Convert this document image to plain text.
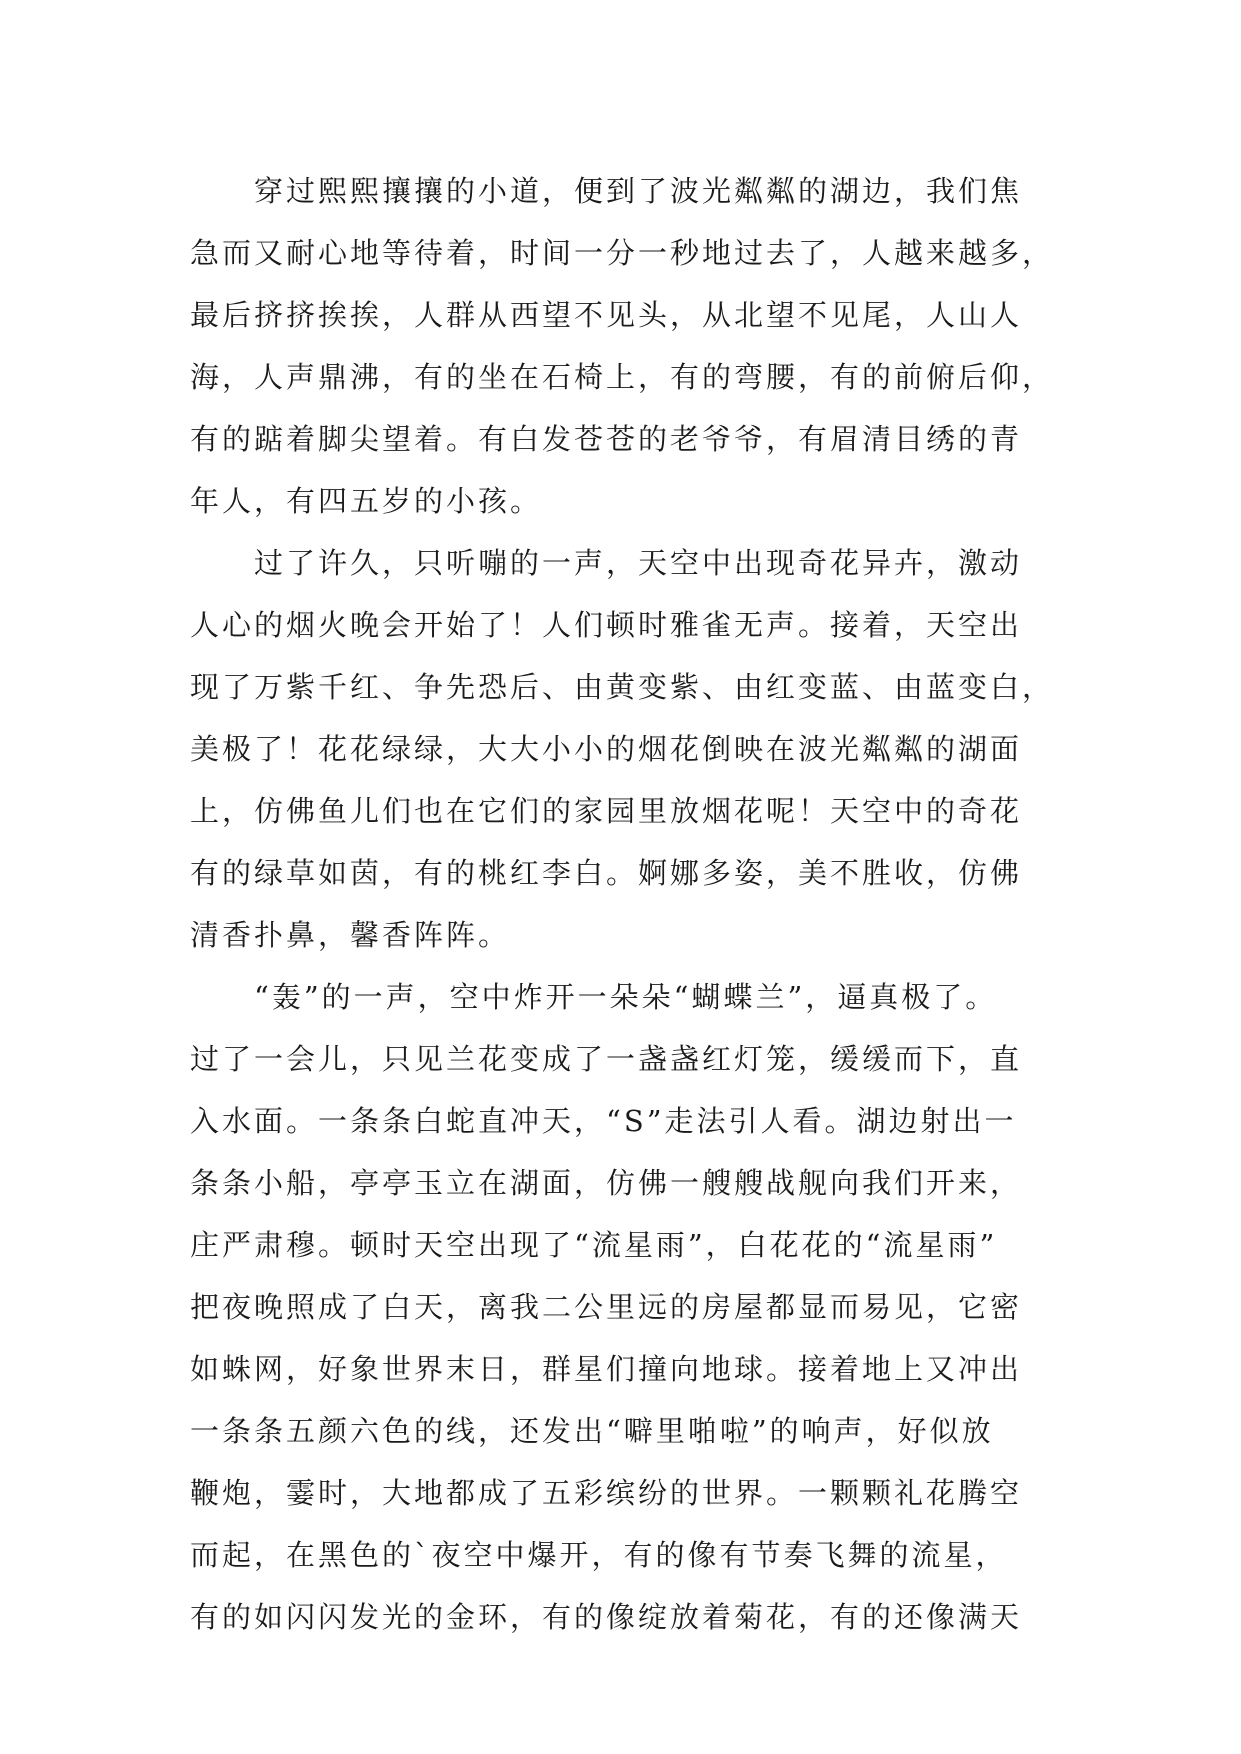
穿过熙熙攘攘的小道，便到了波光粼粼的湖边，我们焦
急而又耐心地等待着，时间一分一秒地过去了，人越来越多，
最后挤挤挨挨，人群从西望不见头，从北望不见尾，人山人
海，人声鼎沸，有的坐在石椅上，有的弯腰，有的前俯后仰，
有的踮着脚尖望着。有白发苍苍的老爷爷，有眉清目绣的青
年人，有四五岁的小孩。
过了许久，只听嘣的一声，天空中出现奇花异卉，激动
人心的烟火晚会开始了！人们顿时雅雀无声。接着，天空出
现了万紫千红、争先恐后、由黄变紫、由红变蓝、由蓝变白，
美极了！花花绿绿，大大小小的烟花倒映在波光粼粼的湖面
上，仿佛鱼儿们也在它们的家园里放烟花呢！天空中的奇花
有的绿草如茵，有的桃红李白。婀娜多姿，美不胜收，仿佛
清香扑鼻，馨香阵阵。
“轰”的一声，空中炸开一朵朵“蝴蝶兰”，逼真极了。
过了一会儿，只见兰花变成了一盏盏红灯笼，缓缓而下，直
入水面。一条条白蛇直冲天，“S”走法引人看。湖边射出一
条条小船，亭亭玉立在湖面，仿佛一艘艘战舰向我们开来，
庄严肃穆。顿时天空出现了“流星雨”，白花花的“流星雨”
把夜晚照成了白天，离我二公里远的房屋都显而易见，它密
如蛛网，好象世界末日，群星们撞向地球。接着地上又冲出
一条条五颜六色的线，还发出“噼里啪啦”的响声，好似放
鞭炮，霎时，大地都成了五彩缤纷的世界。一颗颗礼花腾空
而起，在黑色的`夜空中爆开，有的像有节奏飞舞的流星，
有的如闪闪发光的金环，有的像绽放着菊花，有的还像满天
